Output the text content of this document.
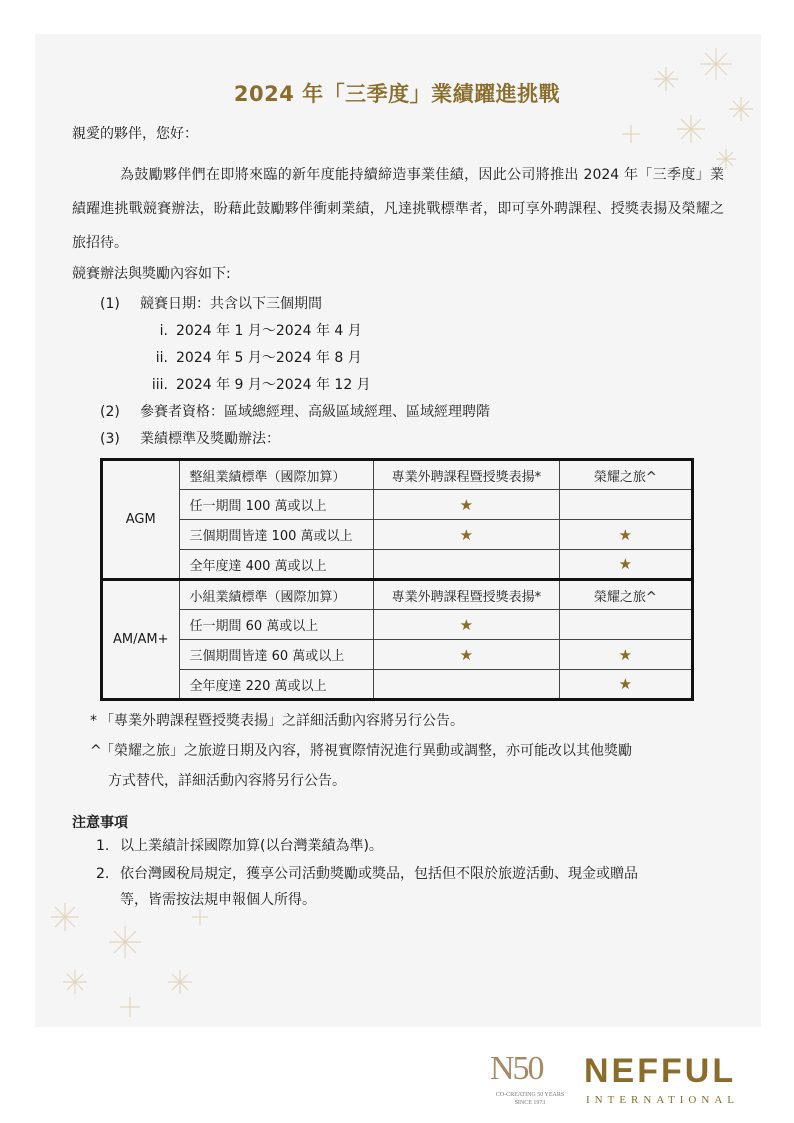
2024 年「三季度」業績躍進挑戰
親愛的夥伴，您好：
為鼓勵夥伴們在即將來臨的新年度能持續締造事業佳績，因此公司將推出 2024 年「三季度」業績躍進挑戰競賽辦法，盼藉此鼓勵夥伴衝刺業績，凡達挑戰標準者，即可享外聘課程、授獎表揚及榮耀之旅招待。
競賽辦法與獎勵內容如下:
(1) 競賽日期：共含以下三個期間
i. 2024 年 1 月～2024 年 4 月
ii. 2024 年 5 月～2024 年 8 月
iii. 2024 年 9 月～2024 年 12 月
(2) 參賽者資格：區域總經理、高級區域經理、區域經理聘階
(3) 業績標準及獎勵辦法：
AGM	整組業績標準（國際加算）	專業外聘課程暨授獎表揚*	榮耀之旅^
	任一期間 100 萬或以上	★	
	三個期間皆達 100 萬或以上	★	★
	全年度達 400 萬或以上		★
AM/AM+	小組業績標準（國際加算）	專業外聘課程暨授獎表揚*	榮耀之旅^
	任一期間 60 萬或以上	★	
	三個期間皆達 60 萬或以上	★	★
	全年度達 220 萬或以上		★
* 「專業外聘課程暨授獎表揚」之詳細活動內容將另行公告。
^
「榮耀之旅」之旅遊日期及內容，將視實際情況進行異動或調整，亦可能改以其他獎勵
方式替代，詳細活動內容將另行公告。
注意事項
1. 以上業績計採國際加算(以台灣業績為準)。
2. 依台灣國稅局規定，獲享公司活動獎勵或獎品，包括但不限於旅遊活動、現金或贈品
等，皆需按法規申報個人所得。
N50
CO-CREATING 50 YEARS
SINCE 1973
NEFFUL
INTERNATIONAL
